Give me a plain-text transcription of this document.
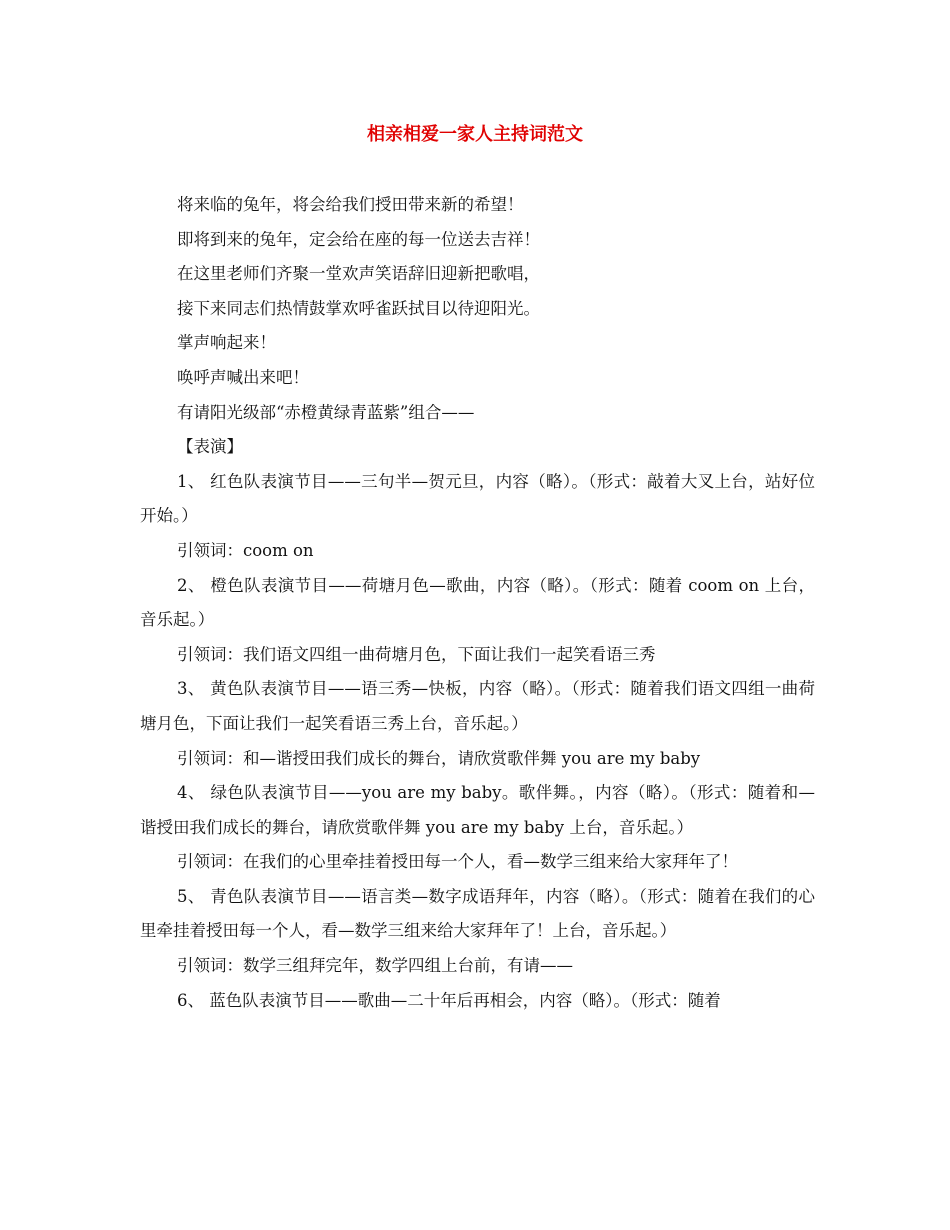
相亲相爱一家人主持词范文

将来临的兔年，将会给我们授田带来新的希望！

即将到来的兔年，定会给在座的每一位送去吉祥！

在这里老师们齐聚一堂欢声笑语辞旧迎新把歌唱，

接下来同志们热情鼓掌欢呼雀跃拭目以待迎阳光。

掌声响起来！

唤呼声喊出来吧！

有请阳光级部“赤橙黄绿青蓝紫”组合——

【表演】

1、 红色队表演节目——三句半—贺元旦，内容（略）。（形式：敲着大叉上台，站好位开始。）

引领词：coom on

2、 橙色队表演节目——荷塘月色—歌曲，内容（略）。（形式：随着 coom on 上台，音乐起。）

引领词：我们语文四组一曲荷塘月色，下面让我们一起笑看语三秀

3、 黄色队表演节目——语三秀—快板，内容（略）。（形式：随着我们语文四组一曲荷塘月色，下面让我们一起笑看语三秀上台，音乐起。）

引领词：和—谐授田我们成长的舞台，请欣赏歌伴舞 you are my baby

4、 绿色队表演节目——you are my baby。歌伴舞。，内容（略）。（形式：随着和—谐授田我们成长的舞台，请欣赏歌伴舞 you are my baby 上台，音乐起。）

引领词：在我们的心里牵挂着授田每一个人，看—数学三组来给大家拜年了！

5、 青色队表演节目——语言类—数字成语拜年，内容（略）。（形式：随着在我们的心里牵挂着授田每一个人，看—数学三组来给大家拜年了！上台，音乐起。）

引领词：数学三组拜完年，数学四组上台前，有请——

6、 蓝色队表演节目——歌曲—二十年后再相会，内容（略）。（形式：随着
